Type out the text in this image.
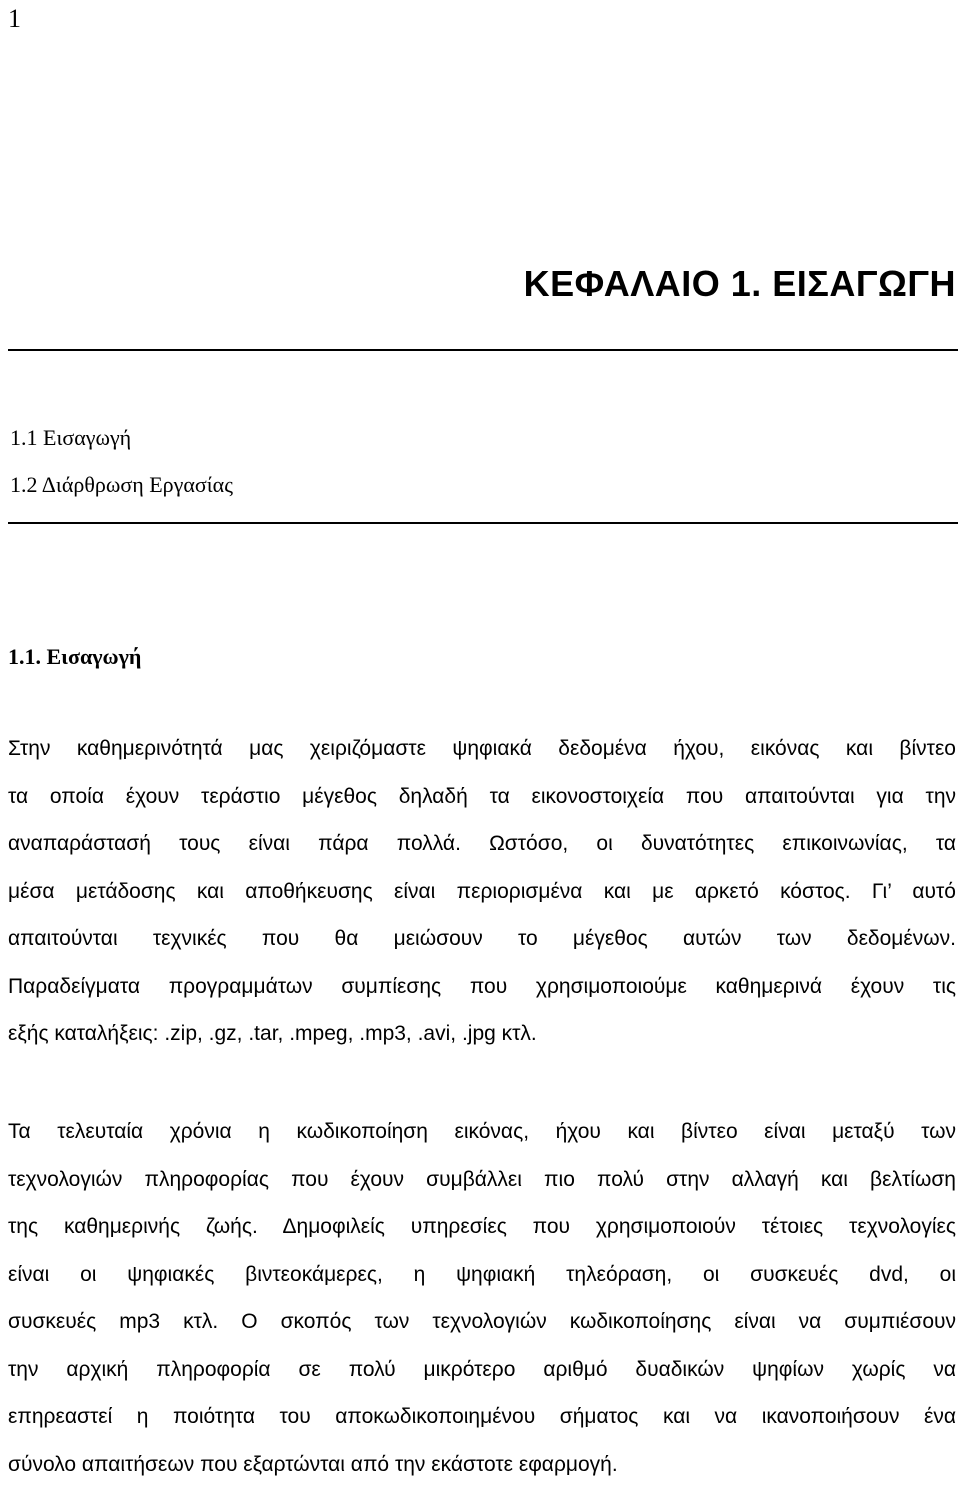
1

ΚΕΦΑΛΑΙΟ 1. ΕΙΣΑΓΩΓΗ
1.1 Εισαγωγή
1.2 Διάρθρωση Εργασίας
1.1. Εισαγωγή
Στην καθημερινότητά μας χειριζόμαστε ψηφιακά δεδομένα ήχου, εικόνας και βίντεο
τα οποία έχουν τεράστιο μέγεθος δηλαδή τα εικονοστοιχεία που απαιτούνται για την
αναπαράστασή τους είναι πάρα πολλά. Ωστόσο, οι δυνατότητες επικοινωνίας, τα
μέσα μετάδοσης και αποθήκευσης είναι περιορισμένα και με αρκετό κόστος. Γι’ αυτό
απαιτούνται τεχνικές που θα μειώσουν το μέγεθος αυτών των δεδομένων.
Παραδείγματα προγραμμάτων συμπίεσης που χρησιμοποιούμε καθημερινά έχουν τις
εξής καταλήξεις: .zip, .gz, .tar, .mpeg, .mp3, .avi, .jpg κτλ.
Τα τελευταία χρόνια η κωδικοποίηση εικόνας, ήχου και βίντεο είναι μεταξύ των
τεχνολογιών πληροφορίας που έχουν συμβάλλει πιο πολύ στην αλλαγή και βελτίωση
της καθημερινής ζωής. Δημοφιλείς υπηρεσίες που χρησιμοποιούν τέτοιες τεχνολογίες
είναι οι ψηφιακές βιντεοκάμερες, η ψηφιακή τηλεόραση, οι συσκευές dvd, οι
συσκευές mp3 κτλ. Ο σκοπός των τεχνολογιών κωδικοποίησης είναι να συμπιέσουν
την αρχική πληροφορία σε πολύ μικρότερο αριθμό δυαδικών ψηφίων χωρίς να
επηρεαστεί η ποιότητα του αποκωδικοποιημένου σήματος και να ικανοποιήσουν ένα
σύνολο απαιτήσεων που εξαρτώνται από την εκάστοτε εφαρμογή.
